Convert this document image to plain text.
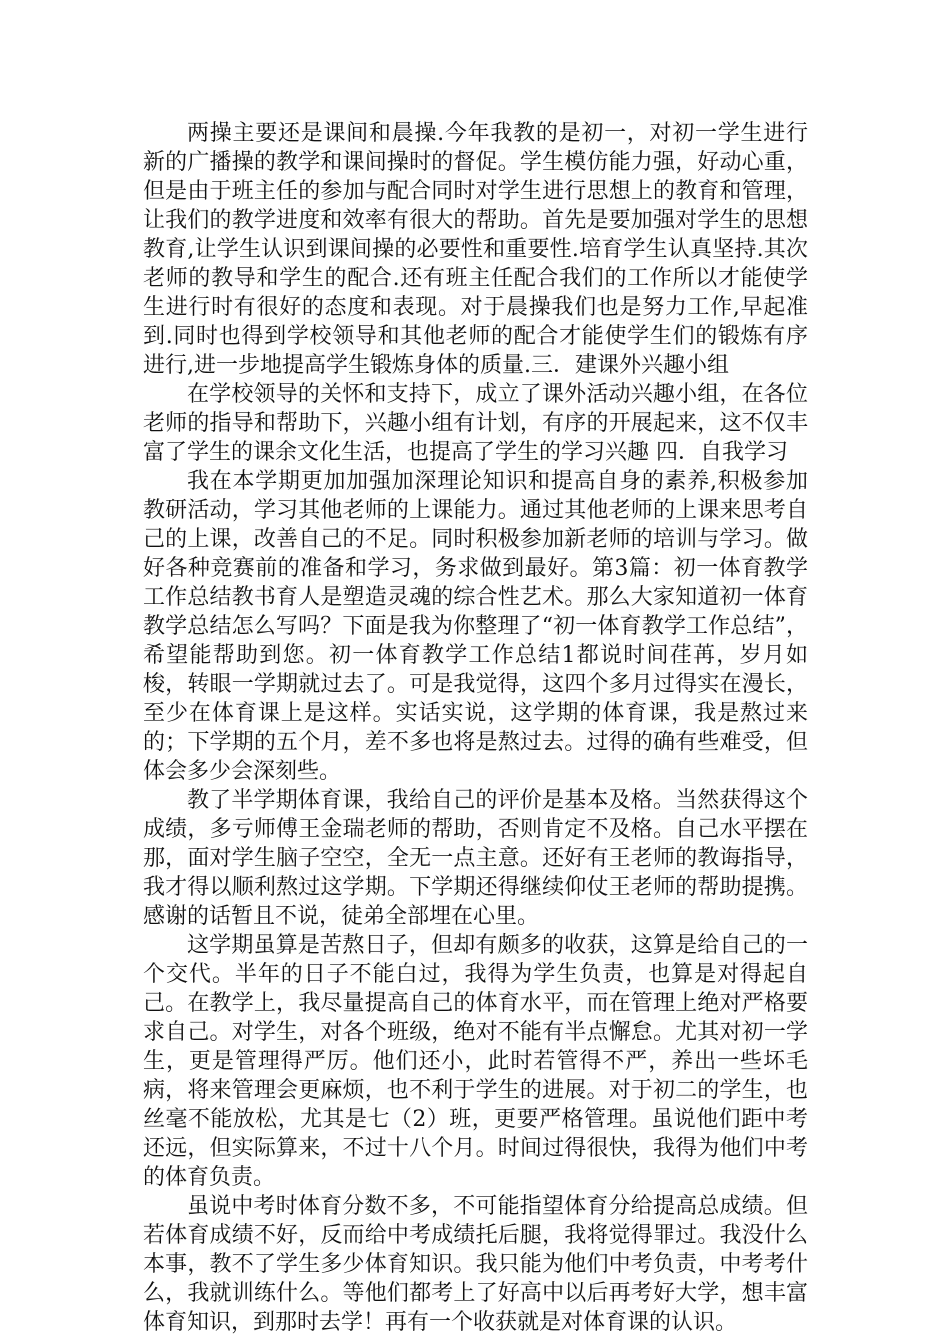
两操主要还是课间和晨操.今年我教的是初一，对初一学生进行新的广播操的教学和课间操时的督促。学生模仿能力强，好动心重，但是由于班主任的参加与配合同时对学生进行思想上的教育和管理，让我们的教学进度和效率有很大的帮助。首先是要加强对学生的思想教育,让学生认识到课间操的必要性和重要性.培育学生认真坚持.其次老师的教导和学生的配合.还有班主任配合我们的工作所以才能使学生进行时有很好的态度和表现。对于晨操我们也是努力工作,早起准到.同时也得到学校领导和其他老师的配合才能使学生们的锻炼有序进行,进一步地提高学生锻炼身体的质量.三．建课外兴趣小组

在学校领导的关怀和支持下，成立了课外活动兴趣小组，在各位老师的指导和帮助下，兴趣小组有计划，有序的开展起来，这不仅丰富了学生的课余文化生活，也提高了学生的学习兴趣 四．自我学习

我在本学期更加加强加深理论知识和提高自身的素养,积极参加教研活动，学习其他老师的上课能力。通过其他老师的上课来思考自己的上课，改善自己的不足。同时积极参加新老师的培训与学习。做好各种竞赛前的准备和学习，务求做到最好。第3篇：初一体育教学工作总结教书育人是塑造灵魂的综合性艺术。那么大家知道初一体育教学总结怎么写吗？下面是我为你整理了“初一体育教学工作总结”，希望能帮助到您。初一体育教学工作总结1都说时间荏苒，岁月如梭，转眼一学期就过去了。可是我觉得，这四个多月过得实在漫长，至少在体育课上是这样。实话实说，这学期的体育课，我是熬过来的；下学期的五个月，差不多也将是熬过去。过得的确有些难受，但体会多少会深刻些。

教了半学期体育课，我给自己的评价是基本及格。当然获得这个成绩，多亏师傅王金瑞老师的帮助，否则肯定不及格。自己水平摆在那，面对学生脑子空空，全无一点主意。还好有王老师的教诲指导，我才得以顺利熬过这学期。下学期还得继续仰仗王老师的帮助提携。感谢的话暂且不说，徒弟全部埋在心里。

这学期虽算是苦熬日子，但却有颇多的收获，这算是给自己的一个交代。半年的日子不能白过，我得为学生负责，也算是对得起自己。在教学上，我尽量提高自己的体育水平，而在管理上绝对严格要求自己。对学生，对各个班级，绝对不能有半点懈怠。尤其对初一学生，更是管理得严厉。他们还小，此时若管得不严，养出一些坏毛病，将来管理会更麻烦，也不利于学生的进展。对于初二的学生，也丝毫不能放松，尤其是七（2）班，更要严格管理。虽说他们距中考还远，但实际算来，不过十八个月。时间过得很快，我得为他们中考的体育负责。

虽说中考时体育分数不多，不可能指望体育分给提高总成绩。但若体育成绩不好，反而给中考成绩托后腿，我将觉得罪过。我没什么本事，教不了学生多少体育知识。我只能为他们中考负责，中考考什么，我就训练什么。等他们都考上了好高中以后再考好大学，想丰富体育知识，到那时去学！再有一个收获就是对体育课的认识。
